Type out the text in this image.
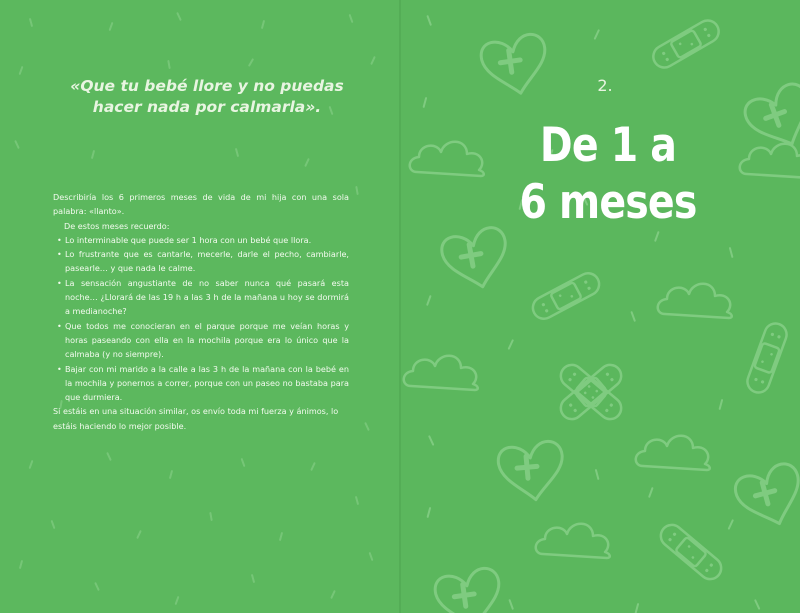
«Que tu bebé llore y no puedas hacer nada por calmarla».

Describiría los 6 primeros meses de vida de mi hija con una sola palabra: «llanto».

De estos meses recuerdo:

• Lo interminable que puede ser 1 hora con un bebé que llora.
• Lo frustrante que es cantarle, mecerle, darle el pecho, cambiarle, pasearle… y que nada le calme.
• La sensación angustiante de no saber nunca qué pasará esta noche… ¿Llorará de las 19 h a las 3 h de la mañana u hoy se dormirá a medianoche?
• Que todos me conocieran en el parque porque me veían horas y horas paseando con ella en la mochila porque era lo único que la calmaba (y no siempre).
• Bajar con mi marido a la calle a las 3 h de la mañana con la bebé en la mochila y ponernos a correr, porque con un paseo no bastaba para que durmiera.

Si estáis en una situación similar, os envío toda mi fuerza y ánimos, lo estáis haciendo lo mejor posible.

2.
De 1 a
6 meses
